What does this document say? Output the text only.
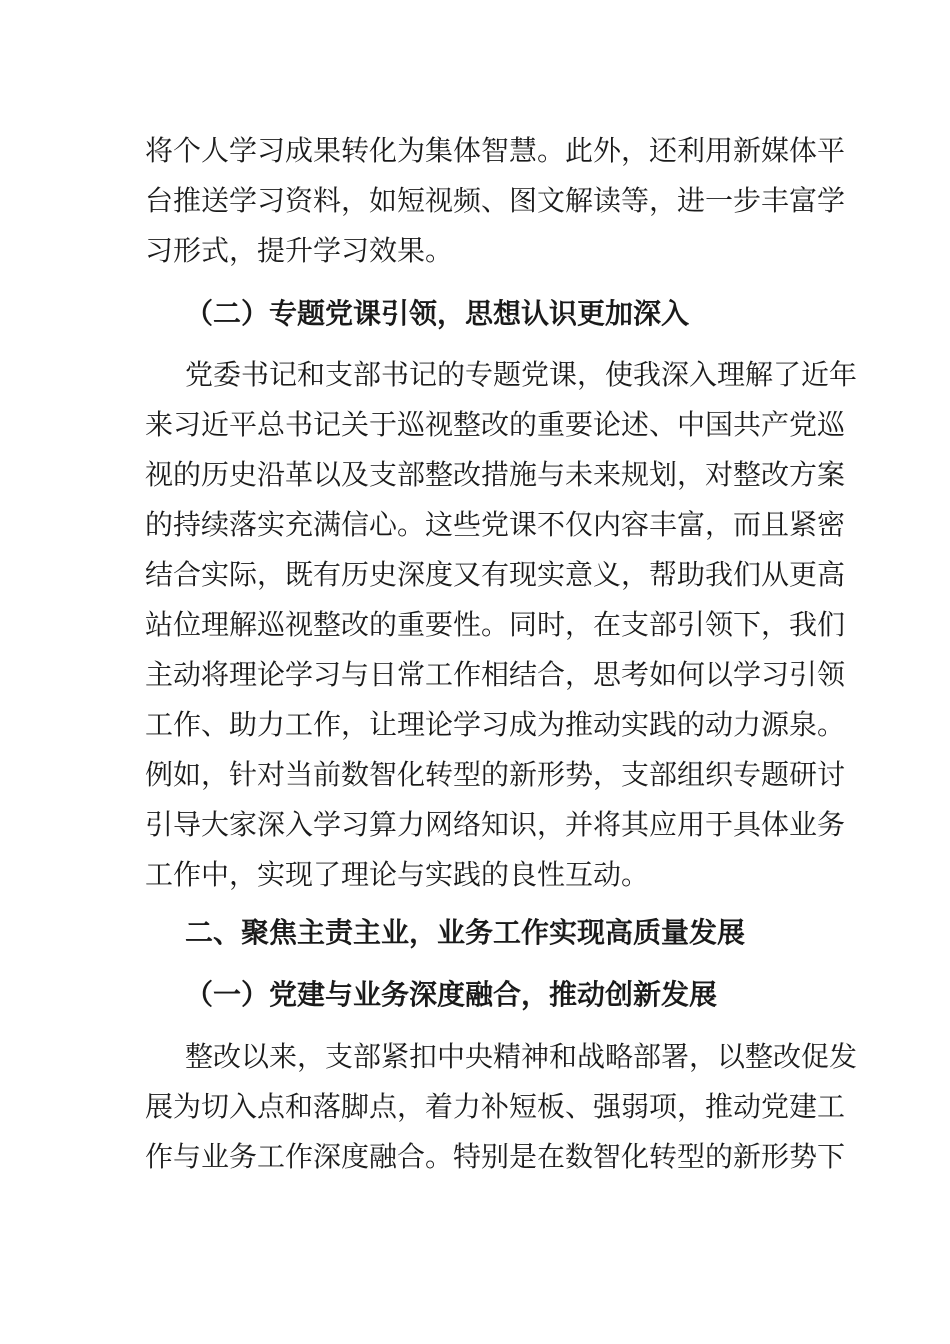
将个人学习成果转化为集体智慧。此外，还利用新媒体平
台推送学习资料，如短视频、图文解读等，进一步丰富学
习形式，提升学习效果。
（二）专题党课引领，思想认识更加深入
党委书记和支部书记的专题党课，使我深入理解了近年
来习近平总书记关于巡视整改的重要论述、中国共产党巡
视的历史沿革以及支部整改措施与未来规划，对整改方案
的持续落实充满信心。这些党课不仅内容丰富，而且紧密
结合实际，既有历史深度又有现实意义，帮助我们从更高
站位理解巡视整改的重要性。同时，在支部引领下，我们
主动将理论学习与日常工作相结合，思考如何以学习引领
工作、助力工作，让理论学习成为推动实践的动力源泉。
例如，针对当前数智化转型的新形势，支部组织专题研讨
引导大家深入学习算力网络知识，并将其应用于具体业务
工作中，实现了理论与实践的良性互动。
二、聚焦主责主业，业务工作实现高质量发展
（一）党建与业务深度融合，推动创新发展
整改以来，支部紧扣中央精神和战略部署，以整改促发
展为切入点和落脚点，着力补短板、强弱项，推动党建工
作与业务工作深度融合。特别是在数智化转型的新形势下
